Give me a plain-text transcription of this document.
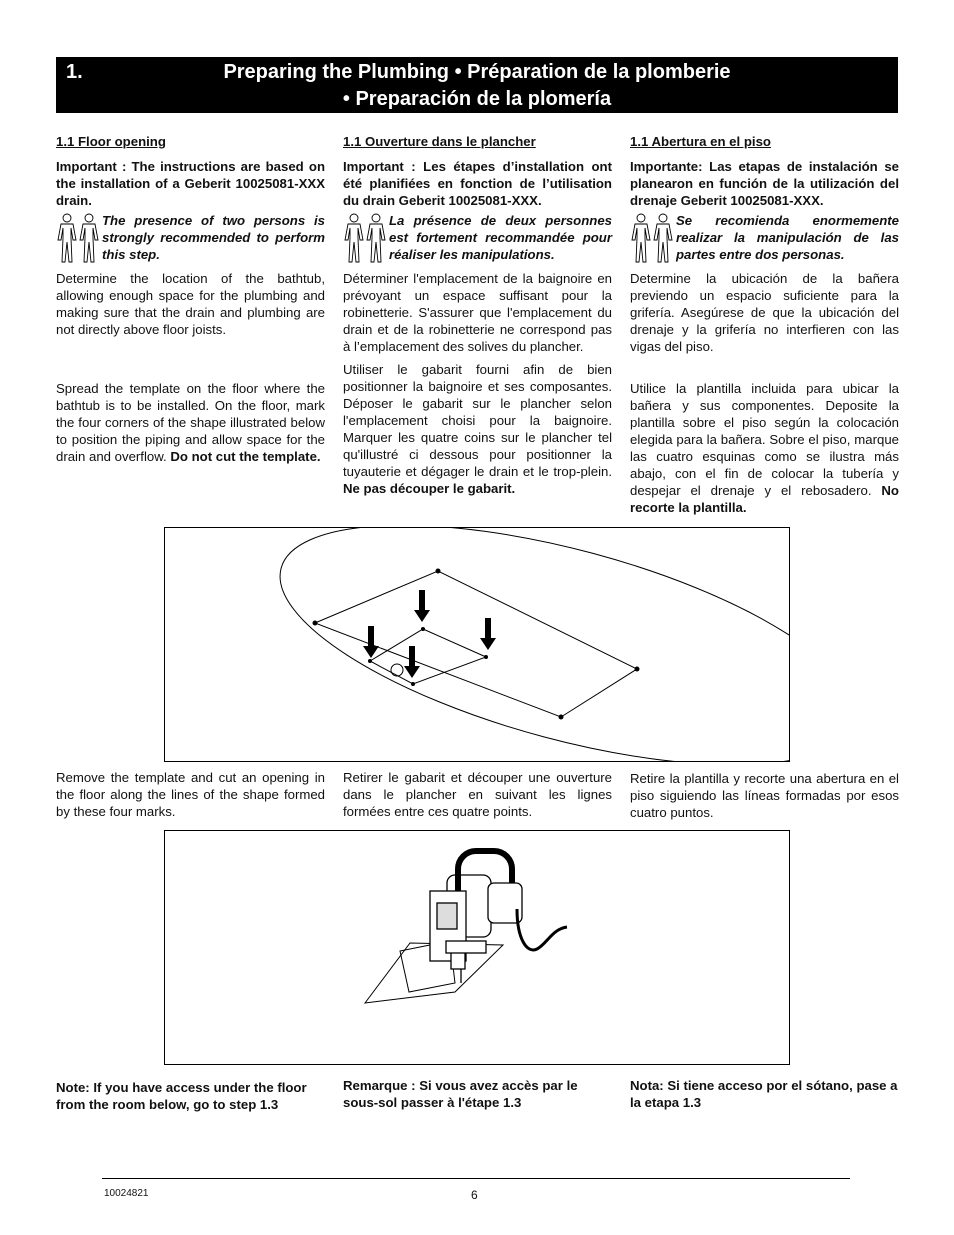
1.	Preparing the Plumbing • Préparation de la plomberie
• Preparación de la plomería

1.1 Floor opening

Important : The instructions are based on the installation of a Geberit 10025081-XXX drain.

The presence of two persons is strongly recommended to perform this step.

Determine the location of the bathtub, allowing enough space for the plumbing and making sure that the drain and plumbing are not directly above floor joists.

Spread the template on the floor where the bathtub is to be installed. On the floor, mark the four corners of the shape illustrated below to position the piping and allow space for the drain and overflow. Do not cut the template.

1.1 Ouverture dans le plancher

Important : Les étapes d’installation ont été planifiées en fonction de l’utilisation du drain Geberit 10025081-XXX.

La présence de deux personnes est fortement recommandée pour réaliser les manipulations.

Déterminer l'emplacement de la baignoire en prévoyant un espace suffisant pour la robinetterie. S'assurer que l'emplacement du drain et de la robinetterie ne correspond pas à l’emplacement des solives du plancher.

Utiliser le gabarit fourni afin de bien positionner la baignoire et ses composantes. Déposer le gabarit sur le plancher selon l'emplacement choisi pour la baignoire. Marquer les quatre coins sur le plancher tel qu'illustré ci dessous pour positionner la tuyauterie et dégager le drain et le trop-plein. Ne pas découper le gabarit.

1.1 Abertura en el piso

Importante: Las etapas de instalación se planearon en función de la utilización del drenaje Geberit 10025081-XXX.

Se recomienda enormemente realizar la manipulación de las partes entre dos personas.

Determine la ubicación de la bañera previendo un espacio suficiente para la grifería. Asegúrese de que la ubicación del drenaje y la grifería no interfieren con las vigas del piso.

Utilice la plantilla incluida para ubicar la bañera y sus componentes. Deposite la plantilla sobre el piso según la colocación elegida para la bañera. Sobre el piso, marque las cuatro esquinas como se ilustra más abajo, con el fin de colocar la tubería y despejar el drenaje y el rebosadero. No recorte la plantilla.

Remove the template and cut an opening in the floor along the lines of the shape formed by these four marks.
Retirer le gabarit et découper une ouverture dans le plancher en suivant les lignes formées entre ces quatre points.
Retire la plantilla y recorte una abertura en el piso siguiendo las líneas formadas por esos cuatro puntos.
Note: If you have access under the floor from the room below, go to step 1.3
Remarque : Si vous avez accès par le sous-sol passer à l'étape 1.3
Nota: Si tiene acceso por el sótano, pase a la etapa 1.3
10024821	6
